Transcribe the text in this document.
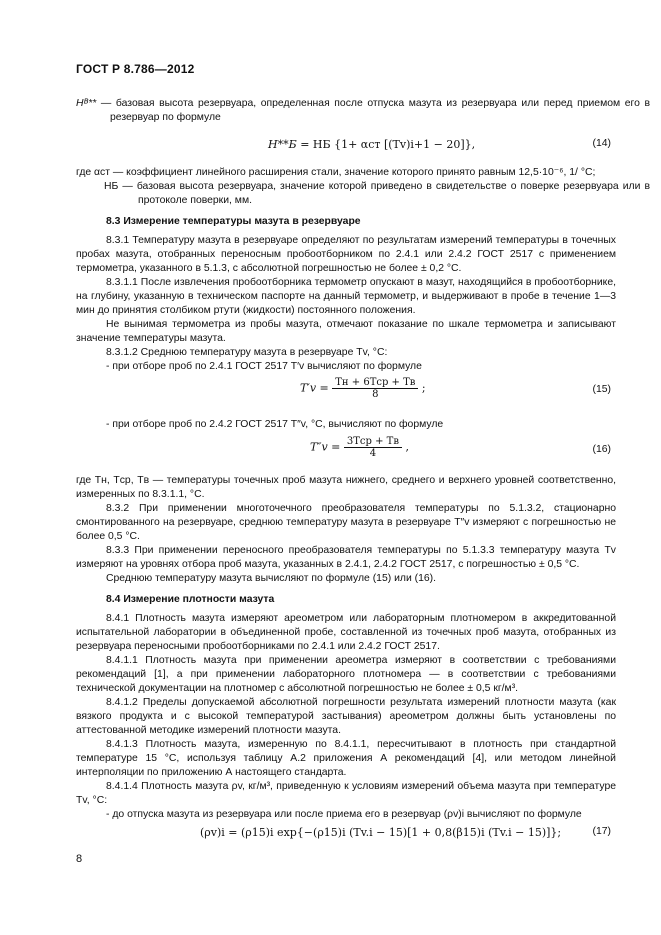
ГОСТ Р 8.786—2012
Hᴮ** — базовая высота резервуара, определенная после отпуска мазута из резервуара или перед приемом его в резервуар по формуле
H**Б = HБ {1+ αст [(Tv)i+1 − 20]},	(14)
где αст — коэффициент линейного расширения стали, значение которого принято равным 12,5·10⁻⁶, 1/ °С;
HБ — базовая высота резервуара, значение которой приведено в свидетельстве о поверке резервуара или в протоколе поверки, мм.
8.3 Измерение температуры мазута в резервуаре
8.3.1 Температуру мазута в резервуаре определяют по результатам измерений температуры в точечных пробах мазута, отобранных переносным пробоотборником по 2.4.1 или 2.4.2 ГОСТ 2517 с применением термометра, указанного в 5.1.3, с абсолютной погрешностью не более ± 0,2 °С.
8.3.1.1 После извлечения пробоотборника термометр опускают в мазут, находящийся в пробоотборнике, на глубину, указанную в техническом паспорте на данный термометр, и выдерживают в пробе в течение 1—3 мин до принятия столбиком ртути (жидкости) постоянного положения.
Не вынимая термометра из пробы мазута, отмечают показание по шкале термометра и записывают значение температуры мазута.
8.3.1.2 Среднюю температуру мазута в резервуаре Tv, °С:
- при отборе проб по 2.4.1 ГОСТ 2517 T′v вычисляют по формуле
$T'v = \frac{\text{Tн + 6Tср + Tв}}{8}$ ;	(15)
- при отборе проб по 2.4.2 ГОСТ 2517 T″v, °С, вычисляют по формуле
$T''v = \frac{\text{3Tср + Tв}}{4}$ ,	(16)
где Tн, Tср, Tв — температуры точечных проб мазута нижнего, среднего и верхнего уровней соответственно, измеренных по 8.3.1.1, °С.
8.3.2 При применении многоточечного преобразователя температуры по 5.1.3.2, стационарно смонтированного на резервуаре, среднюю температуру мазута в резервуаре T″v измеряют с погрешностью не более 0,5 °С.
8.3.3 При применении переносного преобразователя температуры по 5.1.3.3 температуру мазута Tv измеряют на уровнях отбора проб мазута, указанных в 2.4.1, 2.4.2 ГОСТ 2517, с погрешностью ± 0,5 °С.
Среднюю температуру мазута вычисляют по формуле (15) или (16).
8.4 Измерение плотности мазута
8.4.1 Плотность мазута измеряют ареометром или лабораторным плотномером в аккредитованной испытательной лаборатории в объединенной пробе, составленной из точечных проб мазута, отобранных из резервуара переносными пробоотборниками по 2.4.1 или 2.4.2 ГОСТ 2517.
8.4.1.1 Плотность мазута при применении ареометра измеряют в соответствии с требованиями рекомендаций [1], а при применении лабораторного плотномера — в соответствии с требованиями технической документации на плотномер с абсолютной погрешностью не более ± 0,5 кг/м³.
8.4.1.2 Пределы допускаемой абсолютной погрешности результата измерений плотности мазута (как вязкого продукта и с высокой температурой застывания) ареометром должны быть установлены по аттестованной методике измерений плотности мазута.
8.4.1.3 Плотность мазута, измеренную по 8.4.1.1, пересчитывают в плотность при стандартной температуре 15 °С, используя таблицу А.2 приложения А рекомендаций [4], или методом линейной интерполяции по приложению А настоящего стандарта.
8.4.1.4 Плотность мазута ρv, кг/м³, приведенную к условиям измерений объема мазута при температуре Tv, °С:
- до отпуска мазута из резервуара или после приема его в резервуар (ρv)i вычисляют по формуле
(ρv)i = (ρ15)i exp{−(ρ15)i (Tv.i − 15)[1 + 0,8(β15)i (Tv.i − 15)]};	(17)
8
